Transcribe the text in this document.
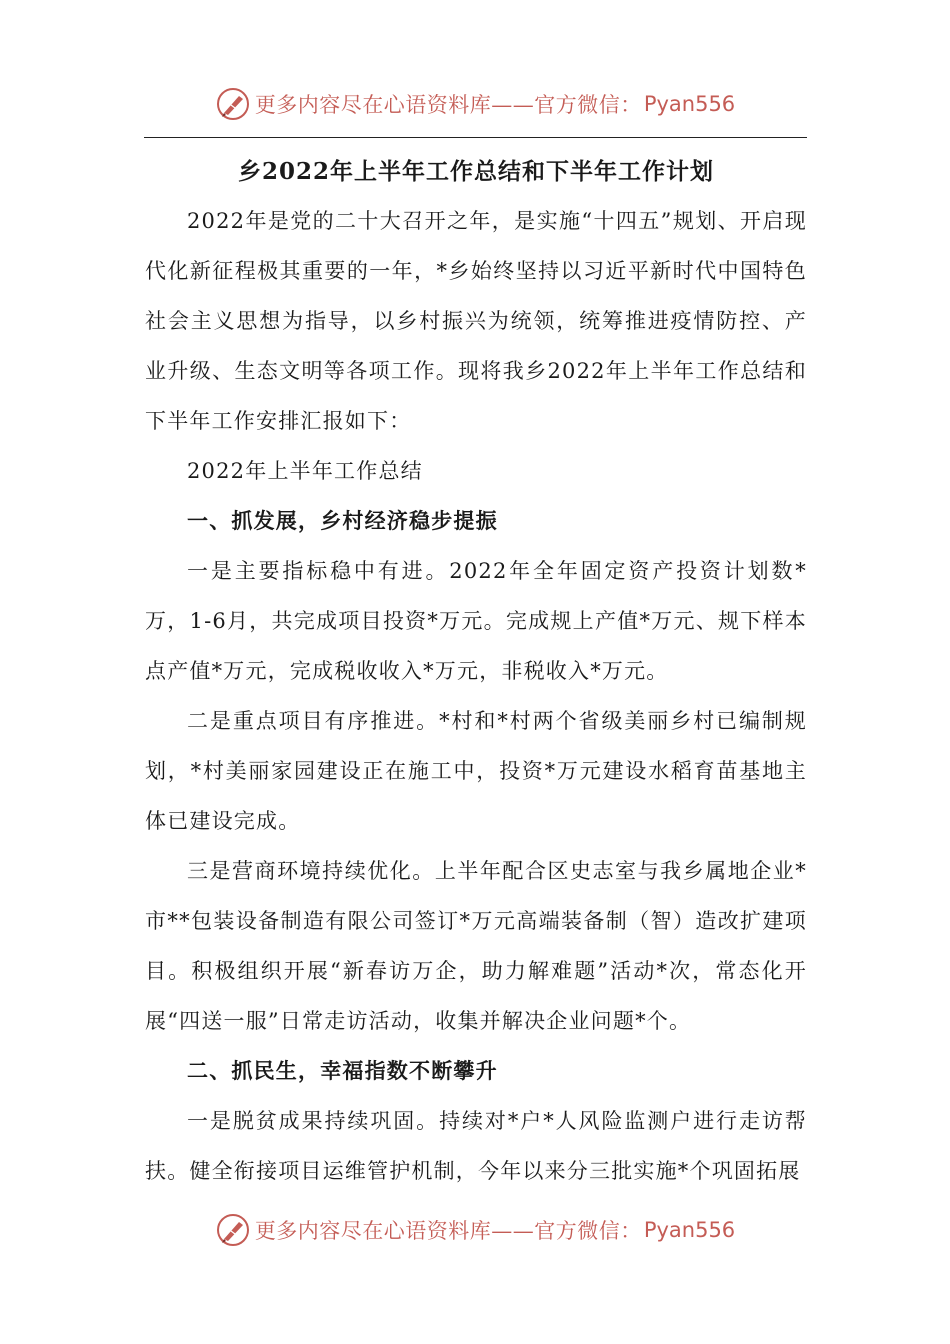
更多内容尽在心语资料库——官方微信： Pyan556
乡2022年上半年工作总结和下半年工作计划

2022年是党的二十大召开之年，是实施“十四五”规划、开启现代化新征程极其重要的一年，*乡始终坚持以习近平新时代中国特色社会主义思想为指导，以乡村振兴为统领，统筹推进疫情防控、产业升级、生态文明等各项工作。现将我乡2022年上半年工作总结和下半年工作安排汇报如下：

2022年上半年工作总结

一、抓发展，乡村经济稳步提振

一是主要指标稳中有进。2022年全年固定资产投资计划数*万，1-6月，共完成项目投资*万元。完成规上产值*万元、规下样本点产值*万元，完成税收收入*万元，非税收入*万元。

二是重点项目有序推进。*村和*村两个省级美丽乡村已编制规划，*村美丽家园建设正在施工中，投资*万元建设水稻育苗基地主体已建设完成。

三是营商环境持续优化。上半年配合区史志室与我乡属地企业*市**包装设备制造有限公司签订*万元高端装备制（智）造改扩建项目。积极组织开展“新春访万企，助力解难题”活动*次，常态化开展“四送一服”日常走访活动，收集并解决企业问题*个。

二、抓民生，幸福指数不断攀升

一是脱贫成果持续巩固。持续对*户*人风险监测户进行走访帮扶。健全衔接项目运维管护机制，今年以来分三批实施*个巩固拓展

更多内容尽在心语资料库——官方微信： Pyan556
